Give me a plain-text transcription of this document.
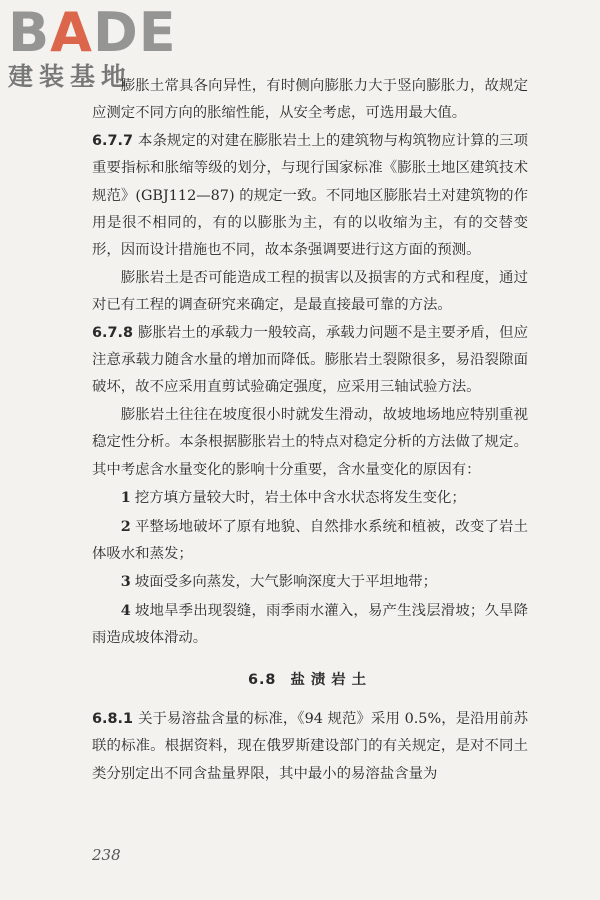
BADE
建装基地

膨胀土常具各向异性，有时侧向膨胀力大于竖向膨胀力，故规定应测定不同方向的胀缩性能，从安全考虑，可选用最大值。

6.7.7 本条规定的对建在膨胀岩土上的建筑物与构筑物应计算的三项重要指标和胀缩等级的划分，与现行国家标准《膨胀土地区建筑技术规范》(GBJ112—87) 的规定一致。不同地区膨胀岩土对建筑物的作用是很不相同的，有的以膨胀为主，有的以收缩为主，有的交替变形，因而设计措施也不同，故本条强调要进行这方面的预测。

膨胀岩土是否可能造成工程的损害以及损害的方式和程度，通过对已有工程的调查研究来确定，是最直接最可靠的方法。

6.7.8 膨胀岩土的承载力一般较高，承载力问题不是主要矛盾，但应注意承载力随含水量的增加而降低。膨胀岩土裂隙很多，易沿裂隙面破坏，故不应采用直剪试验确定强度，应采用三轴试验方法。

膨胀岩土往往在坡度很小时就发生滑动，故坡地场地应特别重视稳定性分析。本条根据膨胀岩土的特点对稳定分析的方法做了规定。其中考虑含水量变化的影响十分重要，含水量变化的原因有：

1 挖方填方量较大时，岩土体中含水状态将发生变化；

2 平整场地破坏了原有地貌、自然排水系统和植被，改变了岩土体吸水和蒸发；

3 坡面受多向蒸发，大气影响深度大于平坦地带；

4 坡地旱季出现裂缝，雨季雨水灌入，易产生浅层滑坡；久旱降雨造成坡体滑动。

6.8 盐渍岩土

6.8.1 关于易溶盐含量的标准，《94 规范》采用 0.5%，是沿用前苏联的标准。根据资料，现在俄罗斯建设部门的有关规定，是对不同土类分别定出不同含盐量界限，其中最小的易溶盐含量为

238
